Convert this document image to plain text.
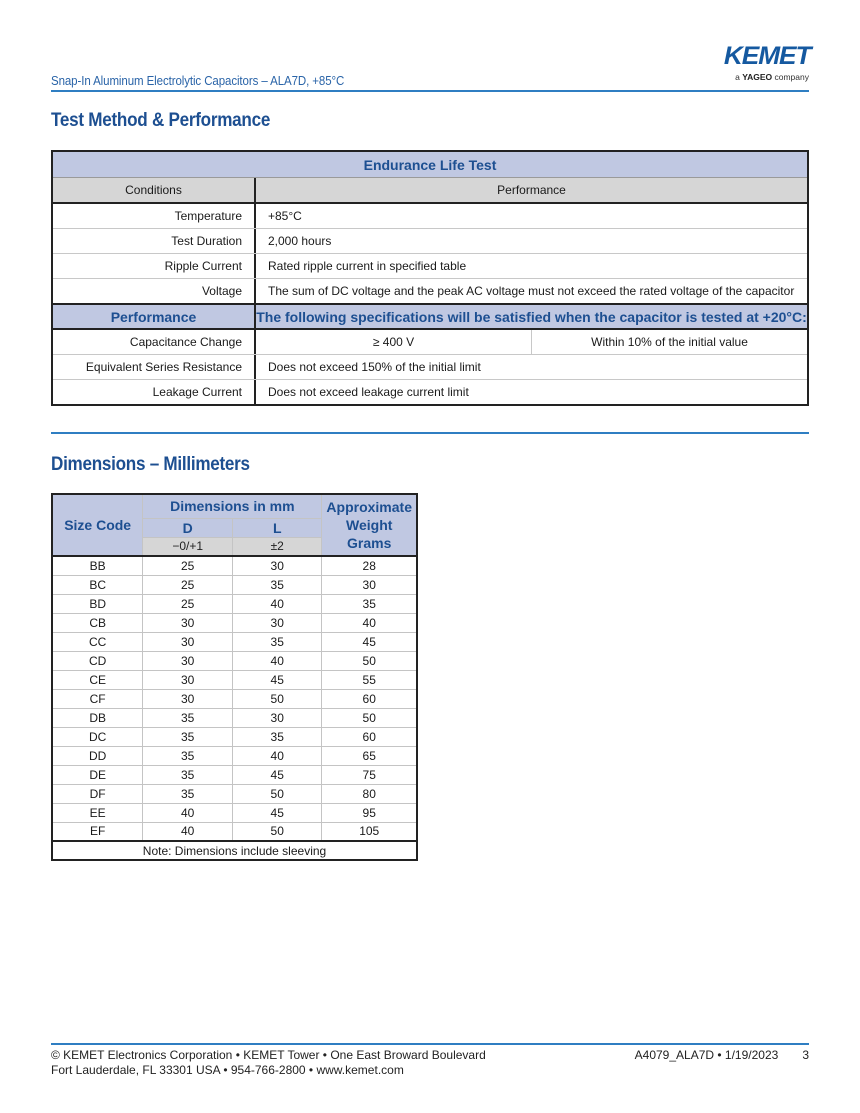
Snap-In Aluminum Electrolytic Capacitors – ALA7D, +85°C
KEMET
a YAGEO company
Test Method & Performance
Endurance Life Test
Conditions	Performance
Temperature	+85°C
Test Duration	2,000 hours
Ripple Current	Rated ripple current in specified table
Voltage	The sum of DC voltage and the peak AC voltage must not exceed the rated voltage of the capacitor
Performance	The following specifications will be satisfied when the capacitor is tested at +20°C:
Capacitance Change	≥ 400 V	Within 10% of the initial value
Equivalent Series Resistance	Does not exceed 150% of the initial limit
Leakage Current	Does not exceed leakage current limit
Dimensions – Millimeters
Size Code	Dimensions in mm		Approximate Weight Grams
	D	L	
	−0/+1	±2	
BB	25	30	28
BC	25	35	30
BD	25	40	35
CB	30	30	40
CC	30	35	45
CD	30	40	50
CE	30	45	55
CF	30	50	60
DB	35	30	50
DC	35	35	60
DD	35	40	65
DE	35	45	75
DF	35	50	80
EE	40	45	95
EF	40	50	105
Note: Dimensions include sleeving			
© KEMET Electronics Corporation • KEMET Tower • One East Broward Boulevard
Fort Lauderdale, FL 33301 USA • 954-766-2800 • www.kemet.com
A4079_ALA7D • 1/19/2023 3
